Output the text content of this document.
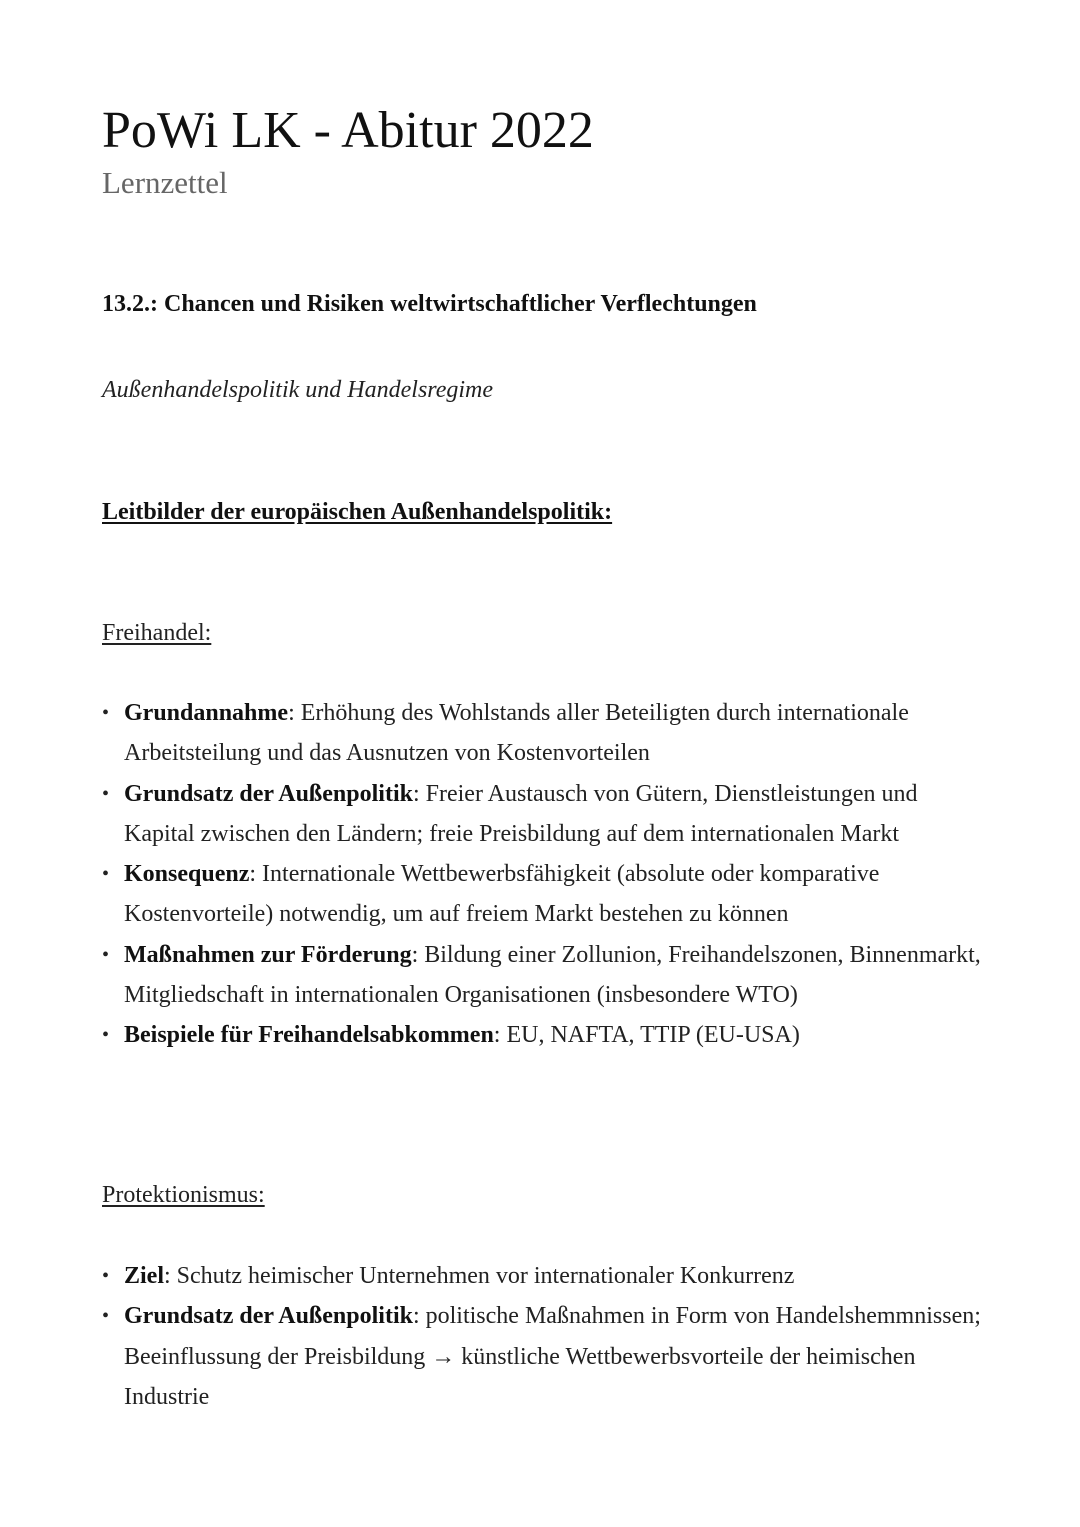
PoWi LK - Abitur 2022
Lernzettel
13.2.: Chancen und Risiken weltwirtschaftlicher Verflechtungen
Außenhandelspolitik und Handelsregime
Leitbilder der europäischen Außenhandelspolitik:
Freihandel:
• Grundannahme: Erhöhung des Wohlstands aller Beteiligten durch internationale Arbeitsteilung und das Ausnutzen von Kostenvorteilen
• Grundsatz der Außenpolitik: Freier Austausch von Gütern, Dienstleistungen und Kapital zwischen den Ländern; freie Preisbildung auf dem internationalen Markt
• Konsequenz: Internationale Wettbewerbsfähigkeit (absolute oder komparative Kostenvorteile) notwendig, um auf freiem Markt bestehen zu können
• Maßnahmen zur Förderung: Bildung einer Zollunion, Freihandelszonen, Binnenmarkt, Mitgliedschaft in internationalen Organisationen (insbesondere WTO)
• Beispiele für Freihandelsabkommen: EU, NAFTA, TTIP (EU-USA)
Protektionismus:
• Ziel: Schutz heimischer Unternehmen vor internationaler Konkurrenz
• Grundsatz der Außenpolitik: politische Maßnahmen in Form von Handelshemmnissen; Beeinflussung der Preisbildung → künstliche Wettbewerbsvorteile der heimischen Industrie
